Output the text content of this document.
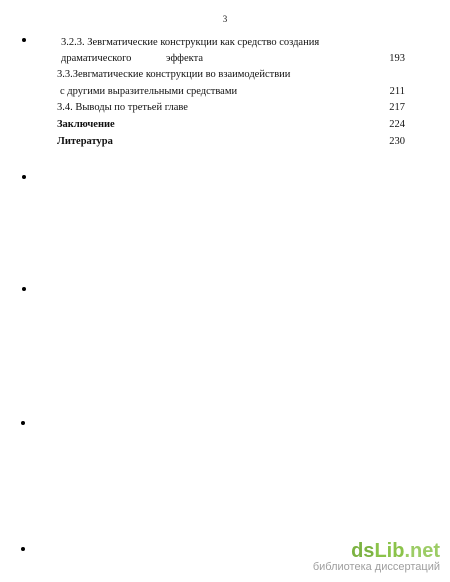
3
3.2.3. Зевгматические конструкции как средство создания
драматического		эффекта	193
3.3.Зевгматические конструкции во взаимодействии
с другими выразительными средствами	211
3.4. Выводы по третьей главе	217
Заключение	224
Литература	230
dsLib.net
библиотека диссертаций
